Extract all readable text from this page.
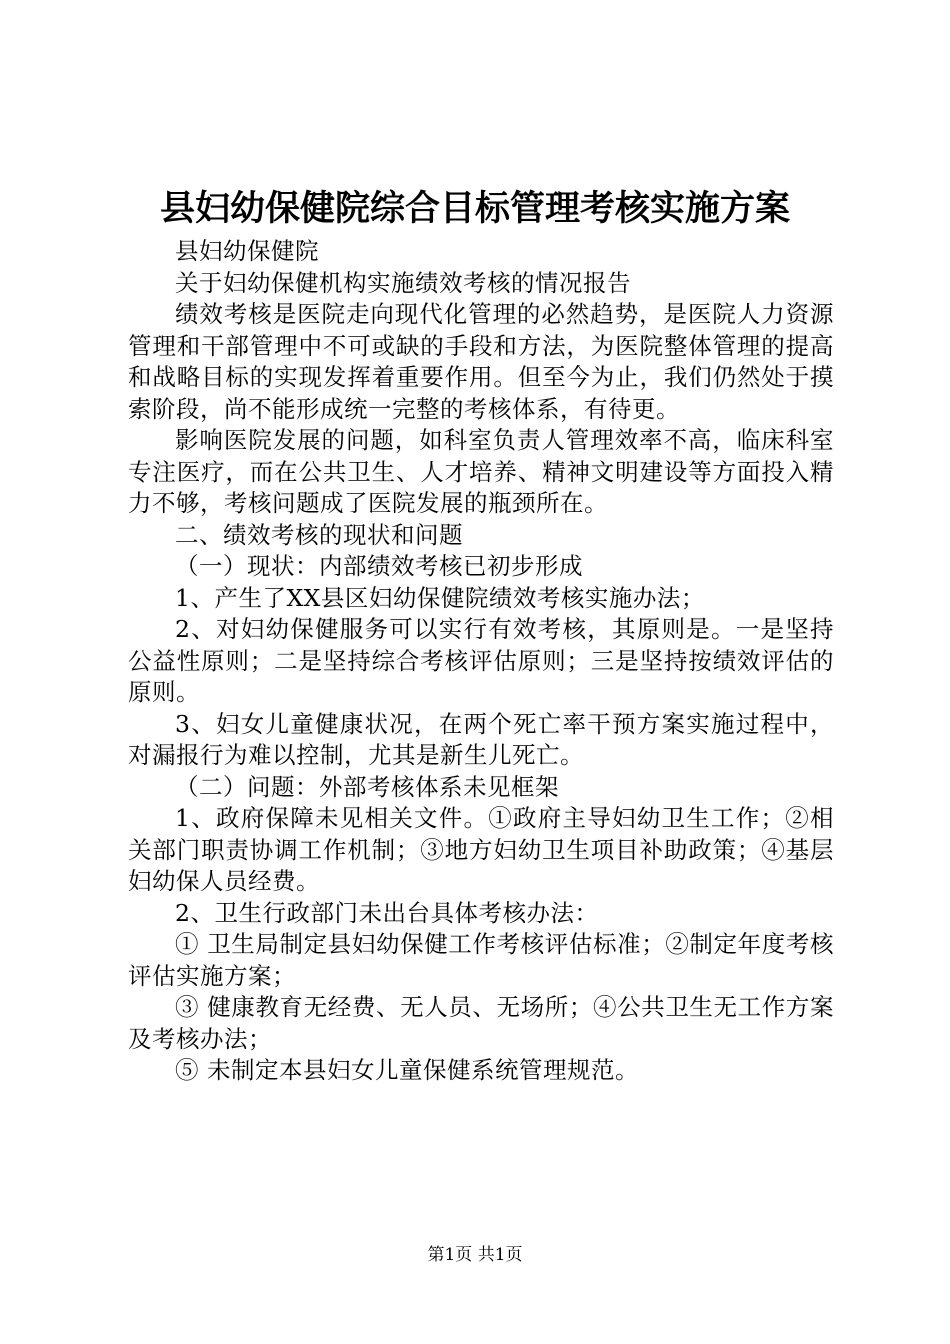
县妇幼保健院综合目标管理考核实施方案

县妇幼保健院

关于妇幼保健机构实施绩效考核的情况报告

绩效考核是医院走向现代化管理的必然趋势，是医院人力资源管理和干部管理中不可或缺的手段和方法，为医院整体管理的提高和战略目标的实现发挥着重要作用。但至今为止，我们仍然处于摸索阶段，尚不能形成统一完整的考核体系，有待更。

影响医院发展的问题，如科室负责人管理效率不高，临床科室专注医疗，而在公共卫生、人才培养、精神文明建设等方面投入精力不够，考核问题成了医院发展的瓶颈所在。

二、绩效考核的现状和问题

（一）现状：内部绩效考核已初步形成

1、产生了XX县区妇幼保健院绩效考核实施办法；

2、对妇幼保健服务可以实行有效考核，其原则是。一是坚持公益性原则；二是坚持综合考核评估原则；三是坚持按绩效评估的原则。

3、妇女儿童健康状况，在两个死亡率干预方案实施过程中，对漏报行为难以控制，尤其是新生儿死亡。

（二）问题：外部考核体系未见框架

1、政府保障未见相关文件。①政府主导妇幼卫生工作；②相关部门职责协调工作机制；③地方妇幼卫生项目补助政策；④基层妇幼保人员经费。

2、卫生行政部门未出台具体考核办法：

① 卫生局制定县妇幼保健工作考核评估标准；②制定年度考核评估实施方案；

③ 健康教育无经费、无人员、无场所；④公共卫生无工作方案及考核办法；

⑤ 未制定本县妇女儿童保健系统管理规范。

第1页 共1页
